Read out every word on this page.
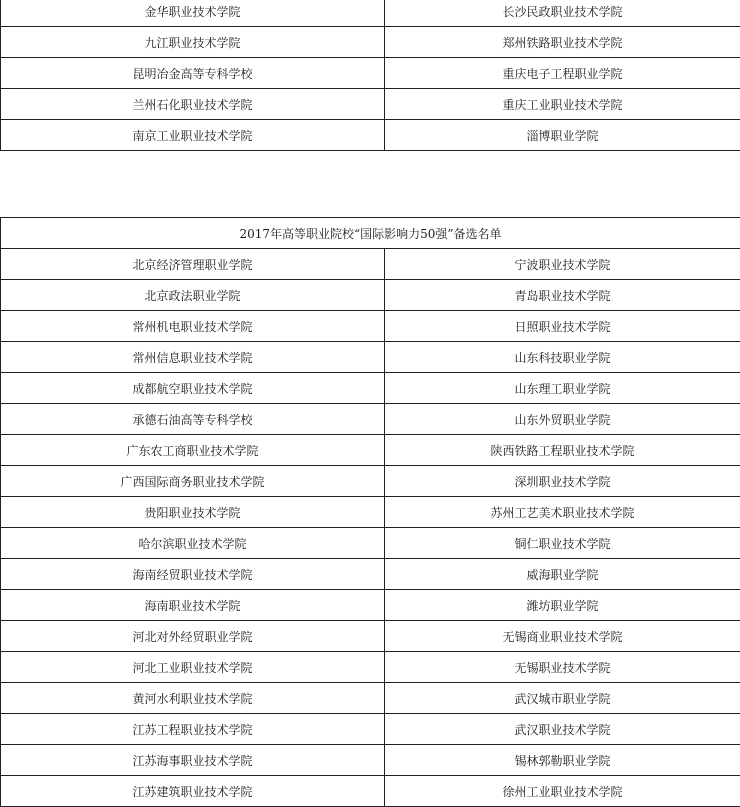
金华职业技术学院	长沙民政职业技术学院
九江职业技术学院	郑州铁路职业技术学院
昆明冶金高等专科学校	重庆电子工程职业学院
兰州石化职业技术学院	重庆工业职业技术学院
南京工业职业技术学院	淄博职业学院
2017年高等职业院校“国际影响力50强”备选名单	
北京经济管理职业学院	宁波职业技术学院
北京政法职业学院	青岛职业技术学院
常州机电职业技术学院	日照职业技术学院
常州信息职业技术学院	山东科技职业学院
成都航空职业技术学院	山东理工职业学院
承德石油高等专科学校	山东外贸职业学院
广东农工商职业技术学院	陕西铁路工程职业技术学院
广西国际商务职业技术学院	深圳职业技术学院
贵阳职业技术学院	苏州工艺美术职业技术学院
哈尔滨职业技术学院	铜仁职业技术学院
海南经贸职业技术学院	威海职业学院
海南职业技术学院	潍坊职业学院
河北对外经贸职业学院	无锡商业职业技术学院
河北工业职业技术学院	无锡职业技术学院
黄河水利职业技术学院	武汉城市职业学院
江苏工程职业技术学院	武汉职业技术学院
江苏海事职业技术学院	锡林郭勒职业学院
江苏建筑职业技术学院	徐州工业职业技术学院
